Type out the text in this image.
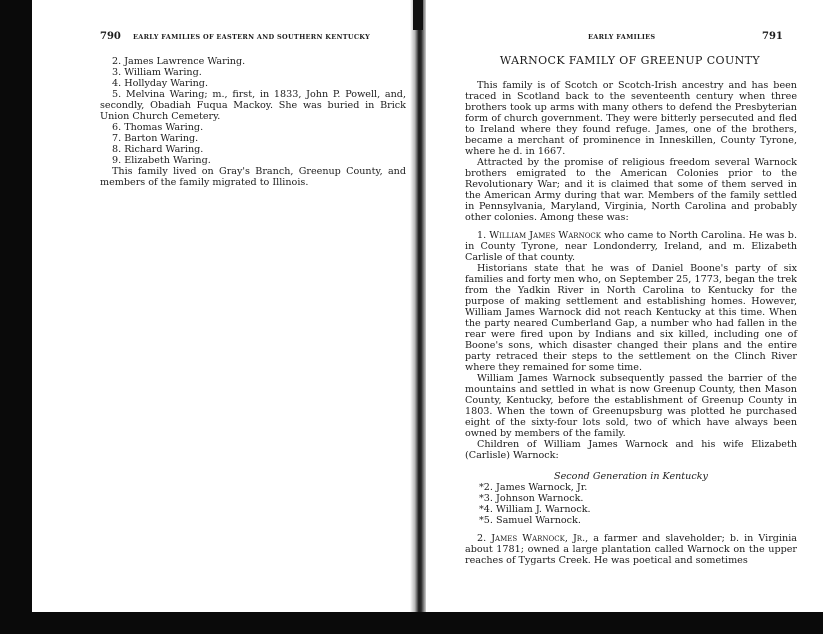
790 EARLY FAMILIES OF EASTERN AND SOUTHERN KENTUCKY

2. James Lawrence Waring.

3. William Waring.

4. Hollyday Waring.

5. Melvina Waring; m., first, in 1833, John P. Powell, and, secondly, Obadiah Fuqua Mackoy. She was buried in Brick Union Church Cemetery.

6. Thomas Waring.

7. Barton Waring.

8. Richard Waring.

9. Elizabeth Waring.

This family lived on Gray's Branch, Greenup County, and members of the family migrated to Illinois.

EARLY FAMILIES	791
WARNOCK FAMILY OF GREENUP COUNTY

This family is of Scotch or Scotch-Irish ancestry and has been traced in Scotland back to the seventeenth century when three brothers took up arms with many others to defend the Presbyterian form of church government. They were bitterly persecuted and fled to Ireland where they found refuge. James, one of the brothers, became a merchant of prominence in Inneskillen, County Tyrone, where he d. in 1667.

Attracted by the promise of religious freedom several Warnock brothers emigrated to the American Colonies prior to the Revolutionary War; and it is claimed that some of them served in the American Army during that war. Members of the family settled in Pennsylvania, Maryland, Virginia, North Carolina and probably other colonies. Among these was:

1. William James Warnock who came to North Carolina. He was b. in County Tyrone, near Londonderry, Ireland, and m. Elizabeth Carlisle of that county.

Historians state that he was of Daniel Boone's party of six families and forty men who, on September 25, 1773, began the trek from the Yadkin River in North Carolina to Kentucky for the purpose of making settlement and establishing homes. However, William James Warnock did not reach Kentucky at this time. When the party neared Cumberland Gap, a number who had fallen in the rear were fired upon by Indians and six killed, including one of Boone's sons, which disaster changed their plans and the entire party retraced their steps to the settlement on the Clinch River where they remained for some time.

William James Warnock subsequently passed the barrier of the mountains and settled in what is now Greenup County, then Mason County, Kentucky, before the establishment of Greenup County in 1803. When the town of Greenupsburg was plotted he purchased eight of the sixty-four lots sold, two of which have always been owned by members of the family.

Children of William James Warnock and his wife Elizabeth (Carlisle) Warnock:

Second Generation in Kentucky

*2. James Warnock, Jr.

*3. Johnson Warnock.

*4. William J. Warnock.

*5. Samuel Warnock.

2. James Warnock, Jr., a farmer and slaveholder; b. in Virginia about 1781; owned a large plantation called Warnock on the upper reaches of Tygarts Creek. He was poetical and sometimes
